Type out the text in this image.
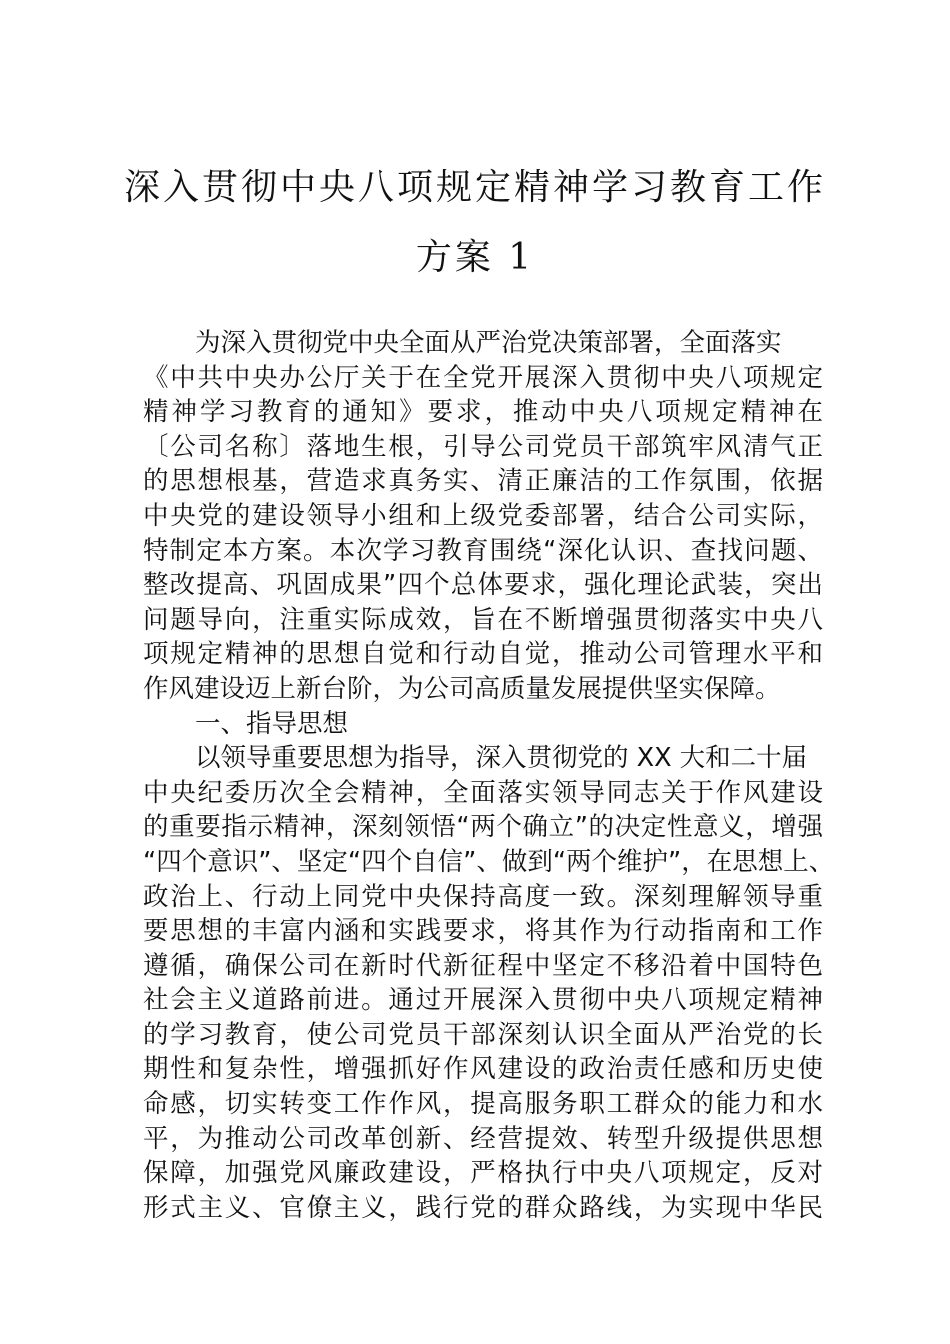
深入贯彻中央八项规定精神学习教育工作
方案 1
为深入贯彻党中央全面从严治党决策部署，全面落实
《中共中央办公厅关于在全党开展深入贯彻中央八项规定
精神学习教育的通知》要求，推动中央八项规定精神在
〔公司名称〕落地生根，引导公司党员干部筑牢风清气正
的思想根基，营造求真务实、清正廉洁的工作氛围，依据
中央党的建设领导小组和上级党委部署，结合公司实际，
特制定本方案。本次学习教育围绕“深化认识、查找问题、
整改提高、巩固成果”四个总体要求，强化理论武装，突出
问题导向，注重实际成效，旨在不断增强贯彻落实中央八
项规定精神的思想自觉和行动自觉，推动公司管理水平和
作风建设迈上新台阶，为公司高质量发展提供坚实保障。
一、指导思想
以领导重要思想为指导，深入贯彻党的 XX 大和二十届
中央纪委历次全会精神，全面落实领导同志关于作风建设
的重要指示精神，深刻领悟“两个确立”的决定性意义，增强
“四个意识”、坚定“四个自信”、做到“两个维护”，在思想上、
政治上、行动上同党中央保持高度一致。深刻理解领导重
要思想的丰富内涵和实践要求，将其作为行动指南和工作
遵循，确保公司在新时代新征程中坚定不移沿着中国特色
社会主义道路前进。通过开展深入贯彻中央八项规定精神
的学习教育，使公司党员干部深刻认识全面从严治党的长
期性和复杂性，增强抓好作风建设的政治责任感和历史使
命感，切实转变工作作风，提高服务职工群众的能力和水
平，为推动公司改革创新、经营提效、转型升级提供思想
保障，加强党风廉政建设，严格执行中央八项规定，反对
形式主义、官僚主义，践行党的群众路线，为实现中华民
